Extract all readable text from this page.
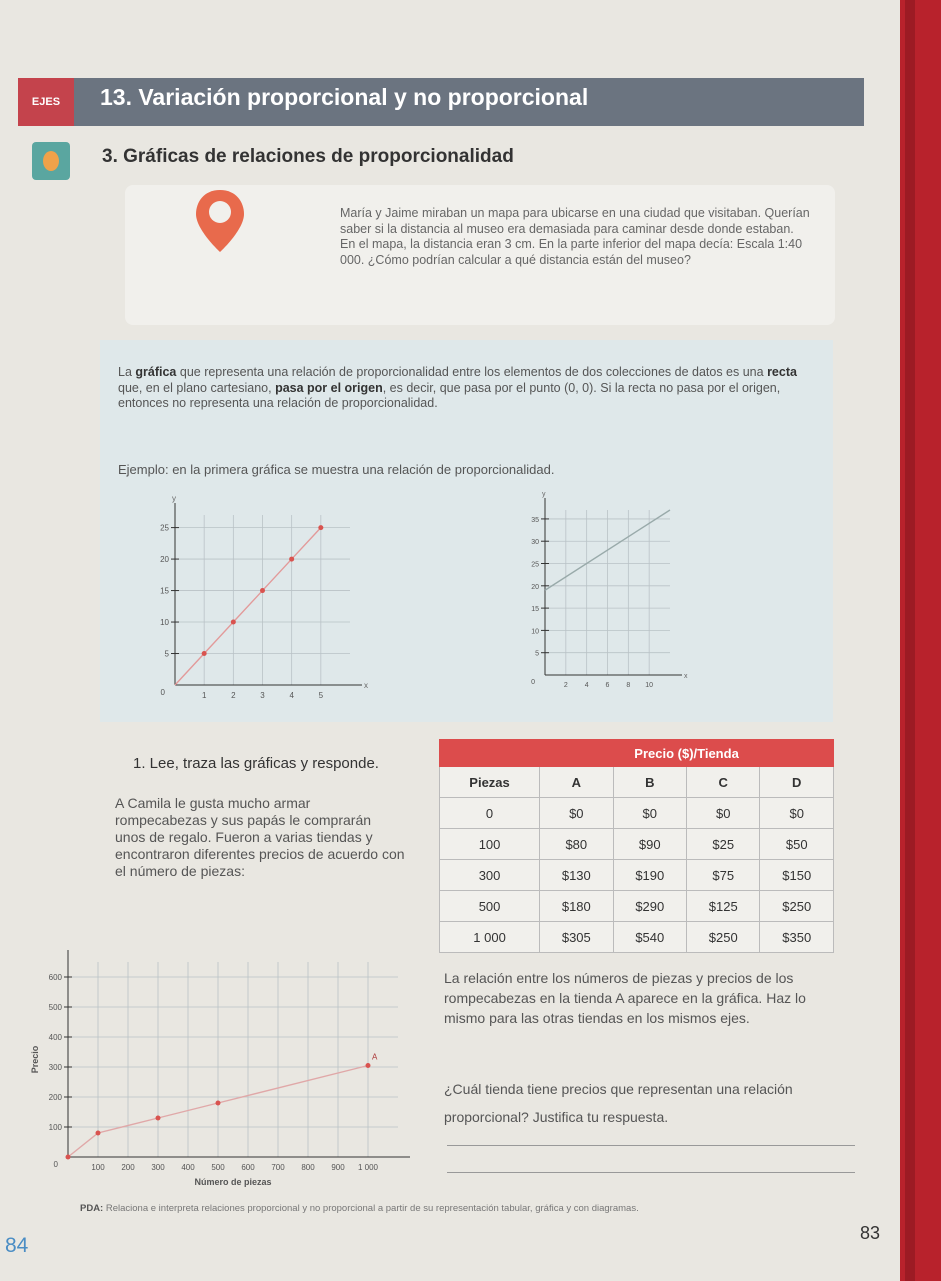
EJES	13. Variación proporcional y no proporcional
3. Gráficas de relaciones de proporcionalidad
María y Jaime miraban un mapa para ubicarse en una ciudad que visitaban. Querían saber si la distancia al museo era demasiada para caminar desde donde estaban. En el mapa, la distancia eran 3 cm. En la parte inferior del mapa decía: Escala 1:40 000. ¿Cómo podrían calcular a qué distancia están del museo?
La gráfica que representa una relación de proporcionalidad entre los elementos de dos colecciones de datos es una recta que, en el plano cartesiano, pasa por el origen, es decir, que pasa por el punto (0, 0). Si la recta no pasa por el origen, entonces no representa una relación de proporcionalidad.
Ejemplo: en la primera gráfica se muestra una relación de proporcionalidad.
x
y
1	2	3	4	5
5
10
15
20
25
0
x
y
2 4 6 8 10
5
10
15
20
25
30
35
0
1. Lee, traza las gráficas y responde.
A Camila le gusta mucho armar rompecabezas y sus papás le comprarán unos de regalo. Fueron a varias tiendas y encontraron diferentes precios de acuerdo con el número de piezas:
	Precio ($)/Tienda			
Piezas	A	B	C	D
0	$0	$0	$0	$0
100	$80	$90	$25	$50
300	$130	$190	$75	$150
500	$180	$290	$125	$250
1 000	$305	$540	$250	$350
100 200 300 400 500 600 700 800 900 1 000
100
200
300
400
500
600
0
Número de piezas
Precio	A
La relación entre los números de piezas y precios de los rompecabezas en la tienda A aparece en la gráfica. Haz lo mismo para las otras tiendas en los mismos ejes.
¿Cuál tienda tiene precios que representan una relación proporcional? Justifica tu respuesta.
PDA: Relaciona e interpreta relaciones proporcional y no proporcional a partir de su representación tabular, gráfica y con diagramas.
84
83
